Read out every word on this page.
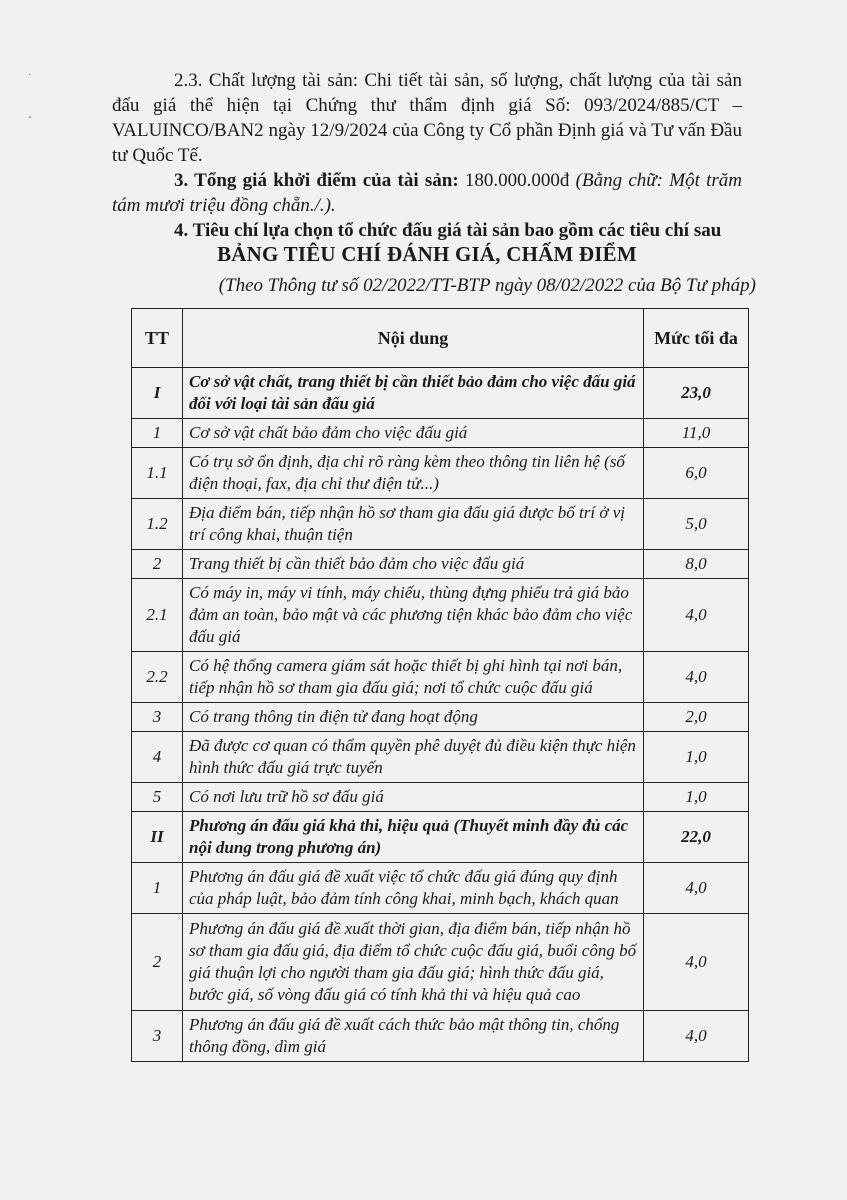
2.3. Chất lượng tài sản: Chi tiết tài sản, số lượng, chất lượng của tài sản đấu giá thể hiện tại Chứng thư thẩm định giá Số: 093/2024/885/CT – VALUINCO/BAN2 ngày 12/9/2024 của Công ty Cổ phần Định giá và Tư vấn Đầu tư Quốc Tế.
3. Tổng giá khởi điểm của tài sản: 180.000.000đ (Bằng chữ: Một trăm tám mươi triệu đồng chẵn./.).
4. Tiêu chí lựa chọn tổ chức đấu giá tài sản bao gồm các tiêu chí sau
BẢNG TIÊU CHÍ ĐÁNH GIÁ, CHẤM ĐIỂM
(Theo Thông tư số 02/2022/TT-BTP ngày 08/02/2022 của Bộ Tư pháp)
TT	Nội dung	Mức tối đa
I	Cơ sở vật chất, trang thiết bị cần thiết bảo đảm cho việc đấu giá đối với loại tài sản đấu giá	23,0
1	Cơ sở vật chất bảo đảm cho việc đấu giá	11,0
1.1	Có trụ sở ổn định, địa chỉ rõ ràng kèm theo thông tin liên hệ (số điện thoại, fax, địa chỉ thư điện tử...)	6,0
1.2	Địa điểm bán, tiếp nhận hồ sơ tham gia đấu giá được bố trí ở vị trí công khai, thuận tiện	5,0
2	Trang thiết bị cần thiết bảo đảm cho việc đấu giá	8,0
2.1	Có máy in, máy vi tính, máy chiếu, thùng đựng phiếu trả giá bảo đảm an toàn, bảo mật và các phương tiện khác bảo đảm cho việc đấu giá	4,0
2.2	Có hệ thống camera giám sát hoặc thiết bị ghi hình tại nơi bán, tiếp nhận hồ sơ tham gia đấu giá; nơi tổ chức cuộc đấu giá	4,0
3	Có trang thông tin điện tử đang hoạt động	2,0
4	Đã được cơ quan có thẩm quyền phê duyệt đủ điều kiện thực hiện hình thức đấu giá trực tuyến	1,0
5	Có nơi lưu trữ hồ sơ đấu giá	1,0
II	Phương án đấu giá khả thi, hiệu quả (Thuyết minh đầy đủ các nội dung trong phương án)	22,0
1	Phương án đấu giá đề xuất việc tổ chức đấu giá đúng quy định của pháp luật, bảo đảm tính công khai, minh bạch, khách quan	4,0
2	Phương án đấu giá đề xuất thời gian, địa điểm bán, tiếp nhận hồ sơ tham gia đấu giá, địa điểm tổ chức cuộc đấu giá, buổi công bố giá thuận lợi cho người tham gia đấu giá; hình thức đấu giá, bước giá, số vòng đấu giá có tính khả thi và hiệu quả cao	4,0
3	Phương án đấu giá đề xuất cách thức bảo mật thông tin, chống thông đồng, dìm giá	4,0
·
-
